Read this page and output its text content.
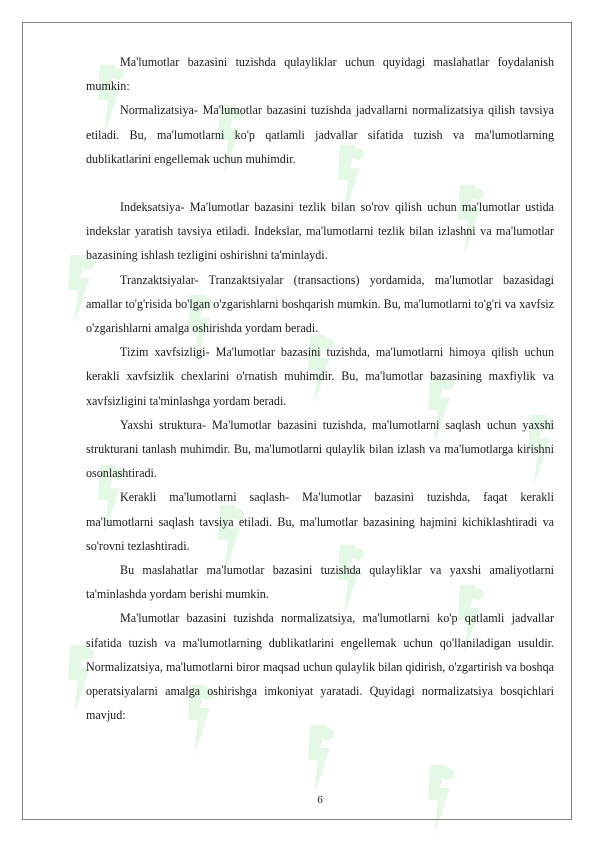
Ma'lumotlar bazasini tuzishda qulayliklar uchun quyidagi maslahatlar foydalanish mumkin:

Normalizatsiya- Ma'lumotlar bazasini tuzishda jadvallarni normalizatsiya qilish tavsiya etiladi. Bu, ma'lumotlarni ko'p qatlamli jadvallar sifatida tuzish va ma'lumotlarning dublikatlarini engellemak uchun muhimdir.

Indeksatsiya- Ma'lumotlar bazasini tezlik bilan so'rov qilish uchun ma'lumotlar ustida indekslar yaratish tavsiya etiladi. Indekslar, ma'lumotlarni tezlik bilan izlashni va ma'lumotlar bazasining ishlash tezligini oshirishni ta'minlaydi.

Tranzaktsiyalar- Tranzaktsiyalar (transactions) yordamida, ma'lumotlar bazasidagi amallar to'g'risida bo'lgan o'zgarishlarni boshqarish mumkin. Bu, ma'lumotlarni to'g'ri va xavfsiz o'zgarishlarni amalga oshirishda yordam beradi.

Tizim xavfsizligi- Ma'lumotlar bazasini tuzishda, ma'lumotlarni himoya qilish uchun kerakli xavfsizlik chexlarini o'rnatish muhimdir. Bu, ma'lumotlar bazasining maxfiylik va xavfsizligini ta'minlashga yordam beradi.

Yaxshi struktura- Ma'lumotlar bazasini tuzishda, ma'lumotlarni saqlash uchun yaxshi strukturani tanlash muhimdir. Bu, ma'lumotlarni qulaylik bilan izlash va ma'lumotlarga kirishni osonlashtiradi.

Kerakli ma'lumotlarni saqlash- Ma'lumotlar bazasini tuzishda, faqat kerakli ma'lumotlarni saqlash tavsiya etiladi. Bu, ma'lumotlar bazasining hajmini kichiklashtiradi va so'rovni tezlashtiradi.

Bu maslahatlar ma'lumotlar bazasini tuzishda qulayliklar va yaxshi amaliyotlarni ta'minlashda yordam berishi mumkin.

Ma'lumotlar bazasini tuzishda normalizatsiya, ma'lumotlarni ko'p qatlamli jadvallar sifatida tuzish va ma'lumotlarning dublikatlarini engellemak uchun qo'llaniladigan usuldir. Normalizatsiya, ma'lumotlarni biror maqsad uchun qulaylik bilan qidirish, o'zgartirish va boshqa operatsiyalarni amalga oshirishga imkoniyat yaratadi. Quyidagi normalizatsiya bosqichlari mavjud:

6
